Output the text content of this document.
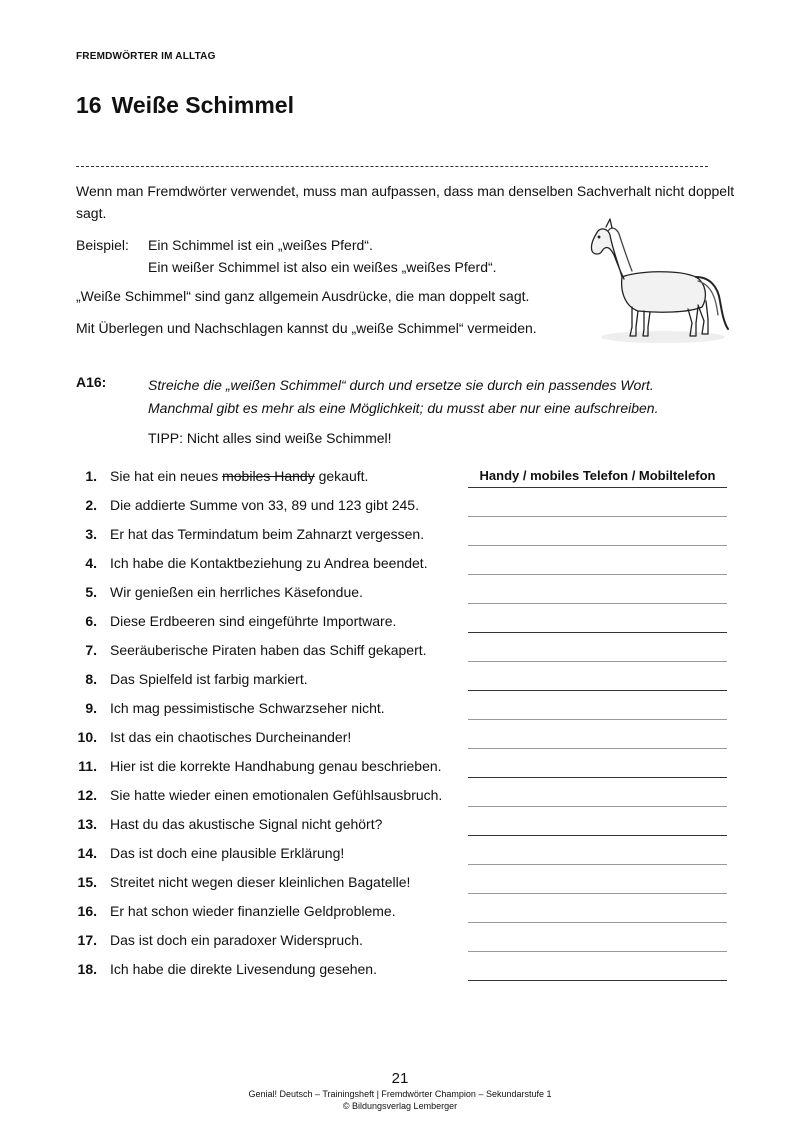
FREMDWÖRTER IM ALLTAG
16 Weiße Schimmel

Wenn man Fremdwörter verwendet, muss man aufpassen, dass man denselben Sachverhalt nicht doppelt sagt.

Beispiel:	Ein Schimmel ist ein „weißes Pferd“.
Ein weißer Schimmel ist also ein weißes „weißes Pferd“.

„Weiße Schimmel“ sind ganz allgemein Ausdrücke, die man doppelt sagt.

Mit Überlegen und Nachschlagen kannst du „weiße Schimmel“ vermeiden.

A16:	Streiche die „weißen Schimmel“ durch und ersetze sie durch ein passendes Wort.
Manchmal gibt es mehr als eine Möglichkeit; du musst aber nur eine aufschreiben.
TIPP: Nicht alles sind weiße Schimmel!
1. Sie hat ein neues mobiles Handy gekauft.	Handy / mobiles Telefon / Mobiltelefon
2. Die addierte Summe von 33, 89 und 123 gibt 245.
3. Er hat das Termindatum beim Zahnarzt vergessen.
4. Ich habe die Kontaktbeziehung zu Andrea beendet.
5. Wir genießen ein herrliches Käsefondue.
6. Diese Erdbeeren sind eingeführte Importware.
7. Seeräuberische Piraten haben das Schiff gekapert.
8. Das Spielfeld ist farbig markiert.
9. Ich mag pessimistische Schwarzseher nicht.
10. Ist das ein chaotisches Durcheinander!
11. Hier ist die korrekte Handhabung genau beschrieben.
12. Sie hatte wieder einen emotionalen Gefühlsausbruch.
13. Hast du das akustische Signal nicht gehört?
14. Das ist doch eine plausible Erklärung!
15. Streitet nicht wegen dieser kleinlichen Bagatelle!
16. Er hat schon wieder finanzielle Geldprobleme.
17. Das ist doch ein paradoxer Widerspruch.
18. Ich habe die direkte Livesendung gesehen.
21
Genial! Deutsch – Trainingsheft | Fremdwörter Champion – Sekundarstufe 1
© Bildungsverlag Lemberger
